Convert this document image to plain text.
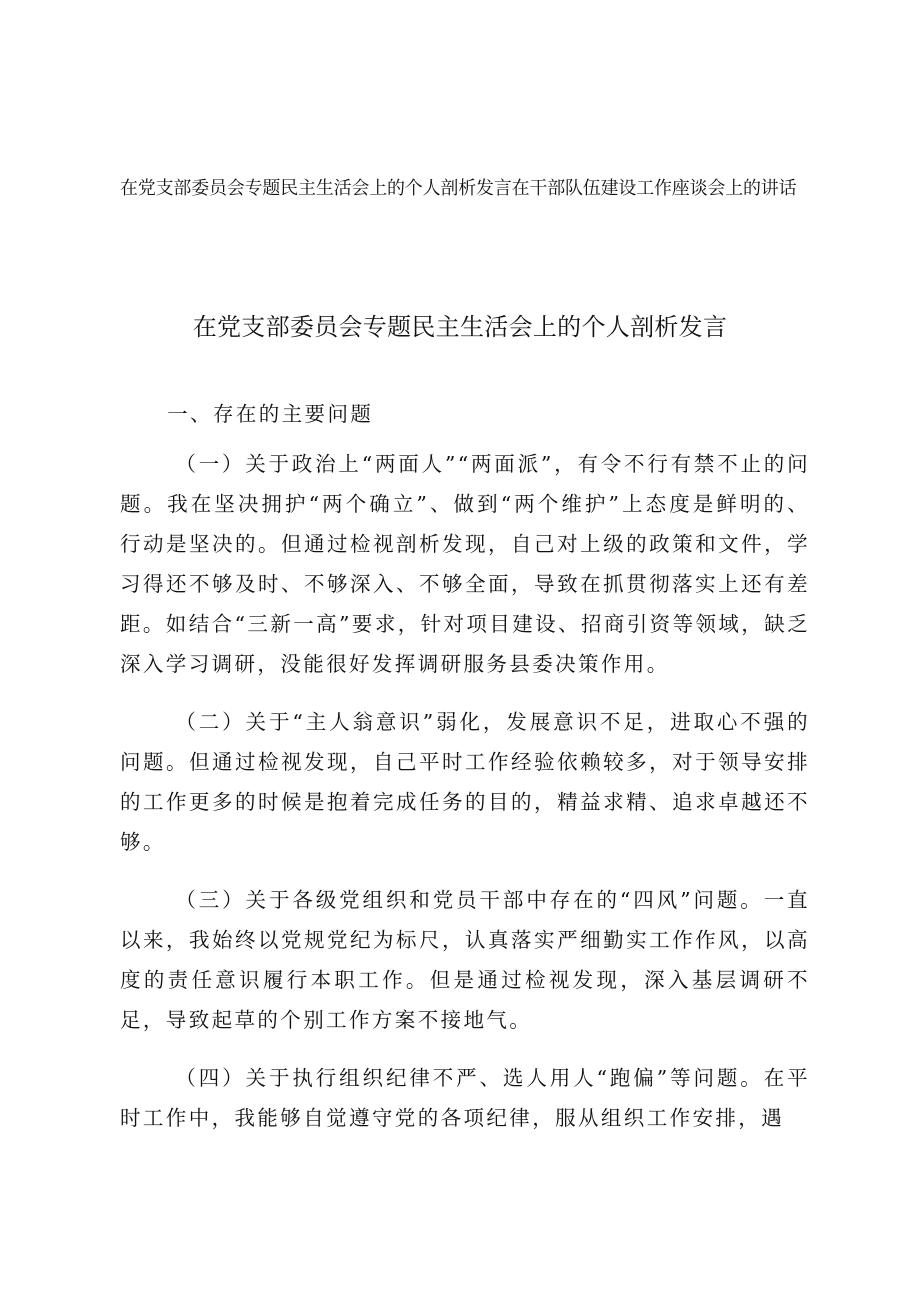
在党支部委员会专题民主生活会上的个人剖析发言在干部队伍建设工作座谈会上的讲话
在党支部委员会专题民主生活会上的个人剖析发言

一、存在的主要问题

（一）关于政治上“两面人”“两面派”，有令不行有禁不止的问题。我在坚决拥护“两个确立”、做到“两个维护”上态度是鲜明的、行动是坚决的。但通过检视剖析发现，自己对上级的政策和文件，学习得还不够及时、不够深入、不够全面，导致在抓贯彻落实上还有差距。如结合“三新一高”要求，针对项目建设、招商引资等领域，缺乏深入学习调研，没能很好发挥调研服务县委决策作用。

（二）关于“主人翁意识”弱化，发展意识不足，进取心不强的问题。但通过检视发现，自己平时工作经验依赖较多，对于领导安排的工作更多的时候是抱着完成任务的目的，精益求精、追求卓越还不够。

（三）关于各级党组织和党员干部中存在的“四风”问题。一直以来，我始终以党规党纪为标尺，认真落实严细勤实工作作风，以高度的责任意识履行本职工作。但是通过检视发现，深入基层调研不足，导致起草的个别工作方案不接地气。

（四）关于执行组织纪律不严、选人用人“跑偏”等问题。在平时工作中，我能够自觉遵守党的各项纪律，服从组织工作安排，遇
